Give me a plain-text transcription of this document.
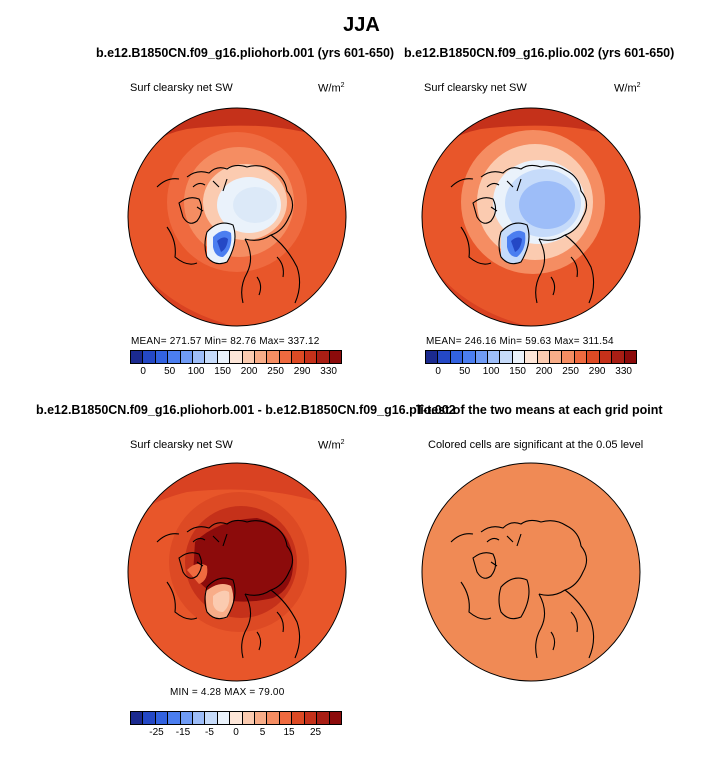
JJA
b.e12.B1850CN.f09_g16.pliohorb.001 (yrs 601-650)
Surf clearsky net SW	$W/m^2$
MEAN= 271.57 Min= 82.76 Max= 337.12
0 50 100 150 200 250 290 330
b.e12.B1850CN.f09_g16.plio.002 (yrs 601-650)
Surf clearsky net SW	$W/m^2$
MEAN= 246.16 Min= 59.63 Max= 311.54
0 50 100 150 200 250 290 330
b.e12.B1850CN.f09_g16.pliohorb.001 - b.e12.B1850CN.f09_g16.plio.002
Surf clearsky net SW	$W/m^2$
MIN = 4.28 MAX = 79.00
-25 -15 -5 0 5 15 25
T-test of the two means at each grid point
Colored cells are significant at the 0.05 level
